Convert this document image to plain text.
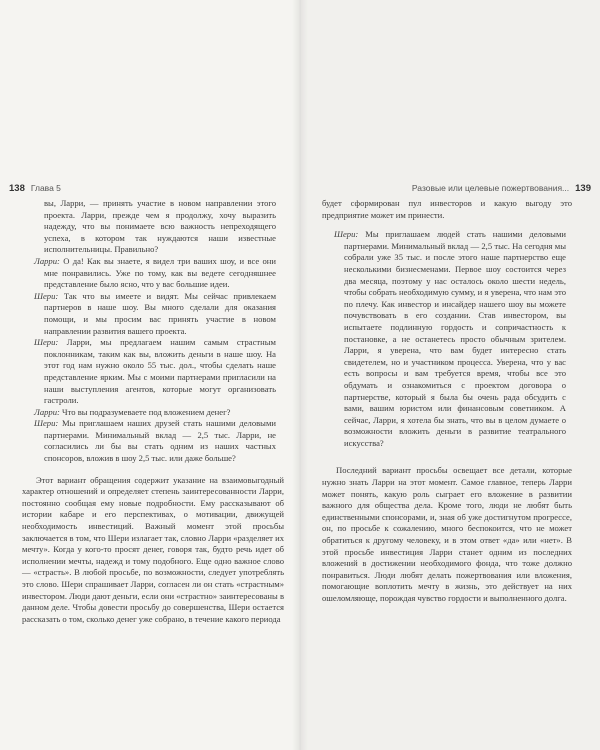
138 Глава 5	Разовые или целевые пожертвования... 139

вы, Ларри, — принять участие в новом направлении этого проекта. Ларри, прежде чем я продолжу, хочу выразить надежду, что вы понимаете всю важность непреходящего успеха, в котором так нуждаются наши известные исполнительницы. Правильно?

Ларри: О да! Как вы знаете, я видел три ваших шоу, и все они мне понравились. Уже по тому, как вы ведете сегодняшнее представление было ясно, что у вас большие идеи.

Шери: Так что вы имеете и видят. Мы сейчас привлекаем партнеров в наше шоу. Вы много сделали для оказания помощи, и мы просим вас принять участие в новом направлении развития вашего проекта.

Шери: Ларри, мы предлагаем нашим самым страстным поклонникам, таким как вы, вложить деньги в наше шоу. На этот год нам нужно около 55 тыс. дол., чтобы сделать наше представление ярким. Мы с моими партнерами пригласили на наши выступления агентов, которые могут организовать гастроли.

Ларри: Что вы подразумеваете под вложением денег?

Шери: Мы приглашаем наших друзей стать нашими деловыми партнерами. Минимальный вклад — 2,5 тыс. Ларри, не согласились ли бы вы стать одним из наших частных спонсоров, вложив в шоу 2,5 тыс. или даже больше?

Этот вариант обращения содержит указание на взаимовыгодный характер отношений и определяет степень заинтересованности Ларри, постоянно сообщая ему новые подробности. Ему рассказывают об истории кабаре и его перспективах, о мотивации, движущей необходимость инвестиций. Важный момент этой просьбы заключается в том, что Шери излагает так, словно Ларри «разделяет их мечту». Когда у кого-то просят денег, говоря так, будто речь идет об исполнении мечты, надежд и тому подобного. Еще одно важное слово — «страсть». В любой просьбе, по возможности, следует употреблять это слово. Шери спрашивает Ларри, согласен ли он стать «страстным» инвестором. Люди дают деньги, если они «страстно» заинтересованы в данном деле. Чтобы довести просьбу до совершенства, Шери остается рассказать о том, сколько денег уже собрано, в течение какого периода

будет сформирован пул инвесторов и какую выгоду это предприятие может им принести.

Шери: Мы приглашаем людей стать нашими деловыми партнерами. Минимальный вклад — 2,5 тыс. На сегодня мы собрали уже 35 тыс. и после этого наше партнерство еще несколькими бизнесменами. Первое шоу состоится через два месяца, поэтому у нас осталось около шести недель, чтобы собрать необходимую сумму, и я уверена, что нам это по плечу. Как инвестор и инсайдер нашего шоу вы можете почувствовать в его создании. Став инвестором, вы испытаете подлинную гордость и сопричастность к постановке, а не останетесь просто обычным зрителем. Ларри, я уверена, что вам будет интересно стать свидетелем, но и участником процесса. Уверена, что у вас есть вопросы и вам требуется время, чтобы все это обдумать и ознакомиться с проектом договора о партнерстве, который я была бы очень рада обсудить с вами, вашим юристом или финансовым советником. А сейчас, Ларри, я хотела бы знать, что вы в целом думаете о возможности вложить деньги в развитие театрального искусства?

Последний вариант просьбы освещает все детали, которые нужно знать Ларри на этот момент. Самое главное, теперь Ларри может понять, какую роль сыграет его вложение в развитии важного для общества дела. Кроме того, люди не любят быть единственными спонсорами, и, зная об уже достигнутом прогрессе, он, по просьбе к сожалению, много беспокоится, что не может обратиться к другому человеку, и в этом ответ «да» или «нет». В этой просьбе инвестиция Ларри станет одним из последних вложений в достижении необходимого фонда, что тоже должно понравиться. Люди любят делать пожертвования или вложения, помогающие воплотить мечту в жизнь, это действует на них ошеломляюще, порождая чувство гордости и выполненного долга.
